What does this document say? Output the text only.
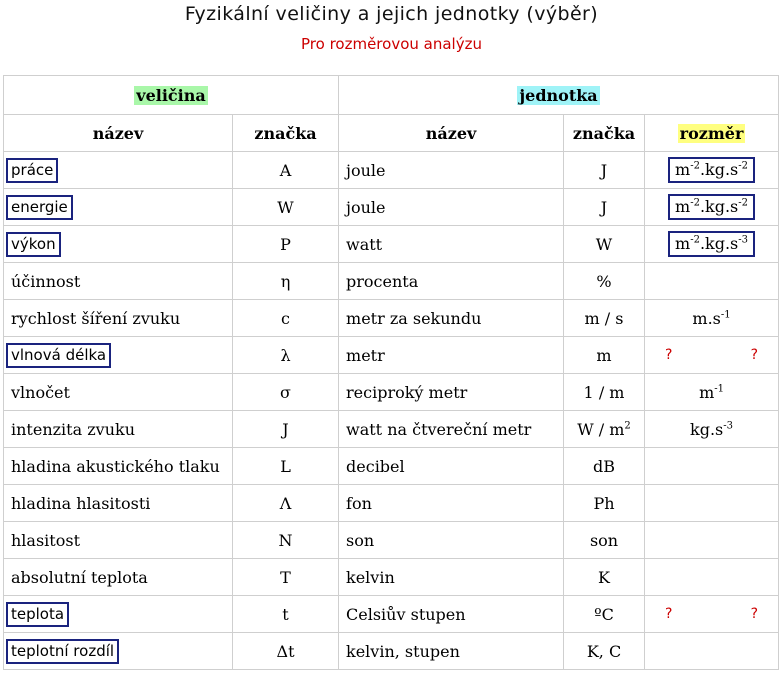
Fyzikální veličiny a jejich jednotky (výběr)
Pro rozměrovou analýzu
veličina		jednotka		
název	značka	název	značka	rozměr
práce	A	joule	J	$m^{-2}.kg.s^{-2}$
energie	W	joule	J	$m^{-2}.kg.s^{-2}$
výkon	P	watt	W	$m^{-2}.kg.s^{-3}$
účinnost	η	procenta	%	
rychlost šíření zvuku	c	metr za sekundu	m / s	$m.s^{-1}$
vlnová délka	λ	metr	m	? ?

vlnočet	σ	reciproký metr	1 / m	$m^{-1}$
intenzita zvuku	J	watt na čtvereční metr	W / $m^2$	$kg.s^{-3}$
hladina akustického tlaku	L	decibel	dB	
hladina hlasitosti	Λ	fon	Ph	
hlasitost	N	son	son	
absolutní teplota	T	kelvin	K	
teplota	t	Celsiův stupen	ºC	? ?

teplotní rozdíl	Δt	kelvin, stupen	K, C	
